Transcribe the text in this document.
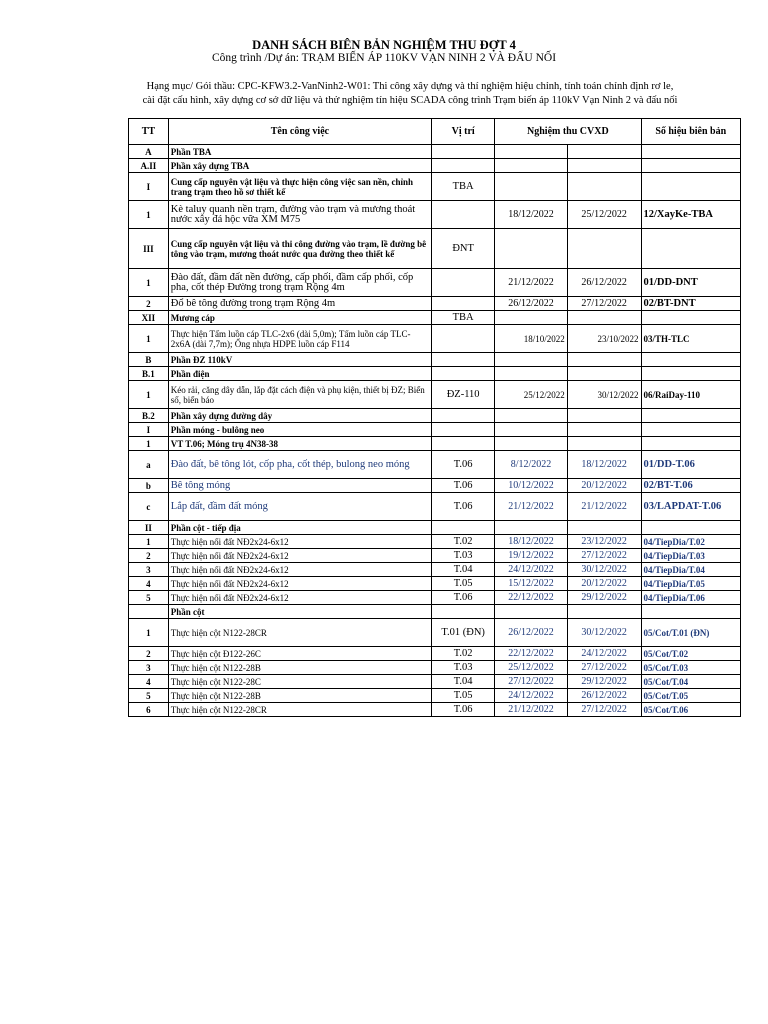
DANH SÁCH BIÊN BẢN NGHIỆM THU ĐỢT 4
Công trình /Dự án: TRẠM BIẾN ÁP 110KV VẠN NINH 2 VÀ ĐẤU NỐI
Hạng mục/ Gói thầu: CPC-KFW3.2-VanNinh2-W01: Thi công xây dựng và thí nghiệm hiệu chỉnh, tính toán chỉnh định rơ le,
cài đặt cấu hình, xây dựng cơ sở dữ liệu và thử nghiệm tín hiệu SCADA công trình Trạm biến áp 110kV Vạn Ninh 2 và đấu nối
TT	Tên công việc	Vị trí	Nghiệm thu CVXD		Số hiệu biên bản
A	Phần TBA				
A.II	Phần xây dựng TBA				
I	Cung cấp nguyên vật liệu và thực hiện công việc san nền, chỉnh trang trạm theo hồ sơ thiết kế	TBA			
1	Kè taluy quanh nền trạm, đường vào trạm và mương thoát nước xây đá hộc vữa XM M75		18/12/2022	25/12/2022	12/XayKe-TBA
III	Cung cấp nguyên vật liệu và thi công đường vào trạm, lề đường bê tông vào trạm, mương thoát nước qua đường theo thiết kế	ĐNT			
1	Đào đất, đầm đất nền đường, cấp phối, đầm cấp phối, cốp pha, cốt thép Đường trong trạm Rộng 4m		21/12/2022	26/12/2022	01/DD-DNT
2	Đổ bê tông đường trong trạm Rộng 4m		26/12/2022	27/12/2022	02/BT-DNT
XII	Mương cáp	TBA			
1	Thực hiện Tấm luồn cáp TLC-2x6 (dài 5,0m); Tấm luồn cáp TLC-2x6A (dài 7,7m); Ống nhựa HDPE luồn cáp F114		18/10/2022	23/10/2022	03/TH-TLC
B	Phần ĐZ 110kV				
B.1	Phần điện				
1	Kéo rải, căng dây dẫn, lắp đặt cách điện và phụ kiện, thiết bị ĐZ; Biển số, biển báo	ĐZ-110	25/12/2022	30/12/2022	06/RaiDay-110
B.2	Phần xây dựng đường dây				
I	Phần móng - bulông neo				
1	VT T.06; Móng trụ 4N38-38				
a	Đào đất, bê tông lót, cốp pha, cốt thép, bulong neo móng	T.06	8/12/2022	18/12/2022	01/DD-T.06
b	Bê tông móng	T.06	10/12/2022	20/12/2022	02/BT-T.06
c	Lắp đất, đầm đất móng	T.06	21/12/2022	21/12/2022	03/LAPDAT-T.06
II	Phần cột - tiếp địa				
1	Thực hiện nối đất NĐ2x24-6x12	T.02	18/12/2022	23/12/2022	04/TiepDia/T.02
2	Thực hiện nối đất NĐ2x24-6x12	T.03	19/12/2022	27/12/2022	04/TiepDia/T.03
3	Thực hiện nối đất NĐ2x24-6x12	T.04	24/12/2022	30/12/2022	04/TiepDia/T.04
4	Thực hiện nối đất NĐ2x24-6x12	T.05	15/12/2022	20/12/2022	04/TiepDia/T.05
5	Thực hiện nối đất NĐ2x24-6x12	T.06	22/12/2022	29/12/2022	04/TiepDia/T.06
	Phần cột				
1	Thực hiện cột N122-28CR	T.01 (ĐN)	26/12/2022	30/12/2022	05/Cot/T.01 (ĐN)
2	Thực hiện cột Đ122-26C	T.02	22/12/2022	24/12/2022	05/Cot/T.02
3	Thực hiện cột N122-28B	T.03	25/12/2022	27/12/2022	05/Cot/T.03
4	Thực hiện cột N122-28C	T.04	27/12/2022	29/12/2022	05/Cot/T.04
5	Thực hiện cột N122-28B	T.05	24/12/2022	26/12/2022	05/Cot/T.05
6	Thực hiện cột N122-28CR	T.06	21/12/2022	27/12/2022	05/Cot/T.06
